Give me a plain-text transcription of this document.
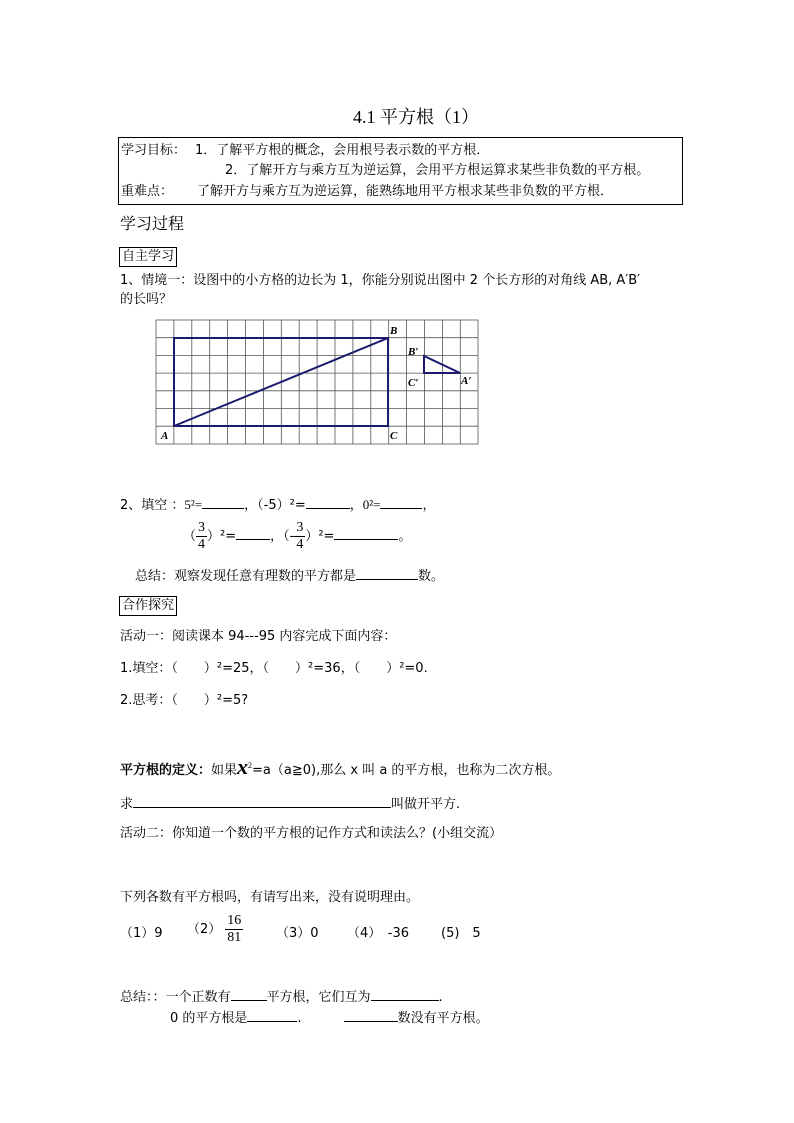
4.1 平方根（1）
学习目标： 1．了解平方根的概念，会用根号表示数的平方根．
2．了解开方与乘方互为逆运算，会用平方根运算求某些非负数的平方根。
重难点： 了解开方与乘方互为逆运算，能熟练地用平方根求某些非负数的平方根．
学习过程
自主学习
1、情境一：设图中的小方格的边长为 1，你能分别说出图中 2 个长方形的对角线 AB, A′B′
的长吗？
B
A	C
B′
C′	A′
2、填空 ：5²=	，（-5）²=	，0²=	，
（ $\frac{3}{4} )^2=$	，（- $\frac{3}{4} )^2=$	。
总结：观察发现任意有理数的平方都是	数。
合作探究
活动一：阅读课本 94---95 内容完成下面内容：
1.填空：（　　）²=25，（　　）²=36，（　　）²=0.
2.思考：（　　）²=5?
平方根的定义：如果$x^2=a(a≧0)$,那么 x 叫 a 的平方根，也称为二次方根。
求	叫做开平方.
活动二：你知道一个数的平方根的记作方式和读法么？(小组交流）
下列各数有平方根吗，有请写出来，没有说明理由。
（1）9 $(2) \frac{16}{81}$	（3）0 （4）　-36 (5)　5
总结：：一个正数有	平方根，它们互为	.
0 的平方根是	.	数没有平方根。
